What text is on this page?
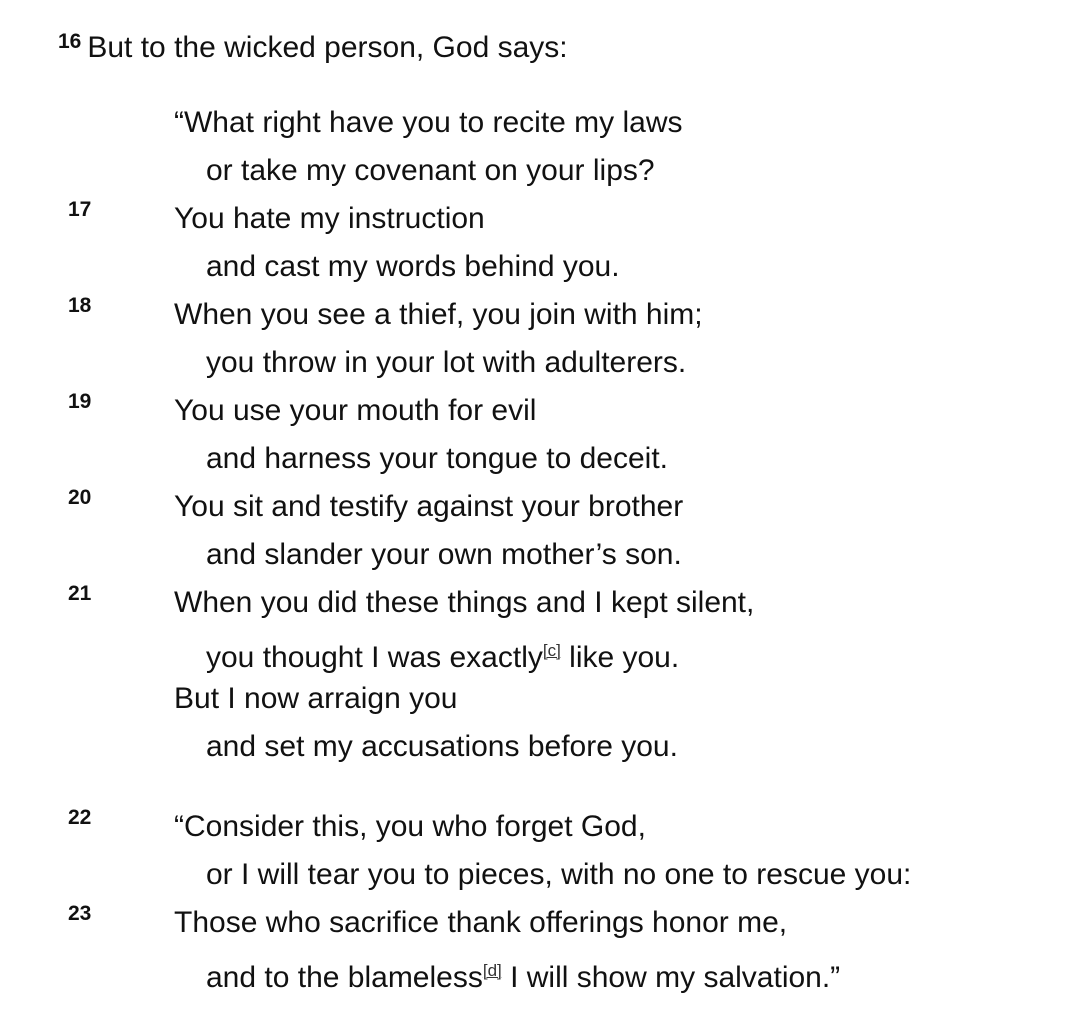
$^{16}$ But to the wicked person, God says:
“What right have you to recite my laws
or take my covenant on your lips?
17	You hate my instruction
and cast my words behind you.
18	When you see a thief, you join with him;
you throw in your lot with adulterers.
19	You use your mouth for evil
and harness your tongue to deceit.
20	You sit and testify against your brother
and slander your own mother’s son.
21	When you did these things and I kept silent,
you thought I was exactly[c] like you.
But I now arraign you
and set my accusations before you.
22	“Consider this, you who forget God,
or I will tear you to pieces, with no one to rescue you:
23	Those who sacrifice thank offerings honor me,
and to the blameless[d] I will show my salvation.”
